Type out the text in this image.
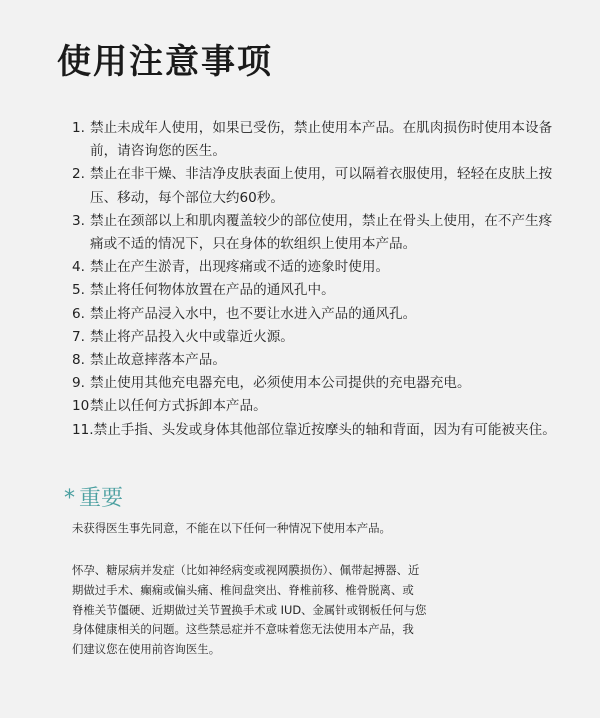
使用注意事项
1. 禁止未成年人使用，如果已受伤，禁止使用本产品。在肌肉损伤时使用本设备前，请咨询您的医生。
2. 禁止在非干燥、非洁净皮肤表面上使用，可以隔着衣服使用，轻轻在皮肤上按压、移动，每个部位大约60秒。
3. 禁止在颈部以上和肌肉覆盖较少的部位使用，禁止在骨头上使用，在不产生疼痛或不适的情况下，只在身体的软组织上使用本产品。
4. 禁止在产生淤青，出现疼痛或不适的迹象时使用。
5. 禁止将任何物体放置在产品的通风孔中。
6. 禁止将产品浸入水中，也不要让水进入产品的通风孔。
7. 禁止将产品投入火中或靠近火源。
8. 禁止故意摔落本产品。
9. 禁止使用其他充电器充电，必须使用本公司提供的充电器充电。
10 禁止以任何方式拆卸本产品。
11. 禁止手指、头发或身体其他部位靠近按摩头的轴和背面，因为有可能被夹住。
* 重要

未获得医生事先同意，不能在以下任何一种情况下使用本产品。

怀孕、糖尿病并发症（比如神经病变或视网膜损伤）、佩带起搏器、近
期做过手术、癫痫或偏头痛、椎间盘突出、脊椎前移、椎骨脱离、或
脊椎关节僵硬、近期做过关节置换手术或 IUD、金属针或钢板任何与您
身体健康相关的问题。这些禁忌症并不意味着您无法使用本产品，我
们建议您在使用前咨询医生。
